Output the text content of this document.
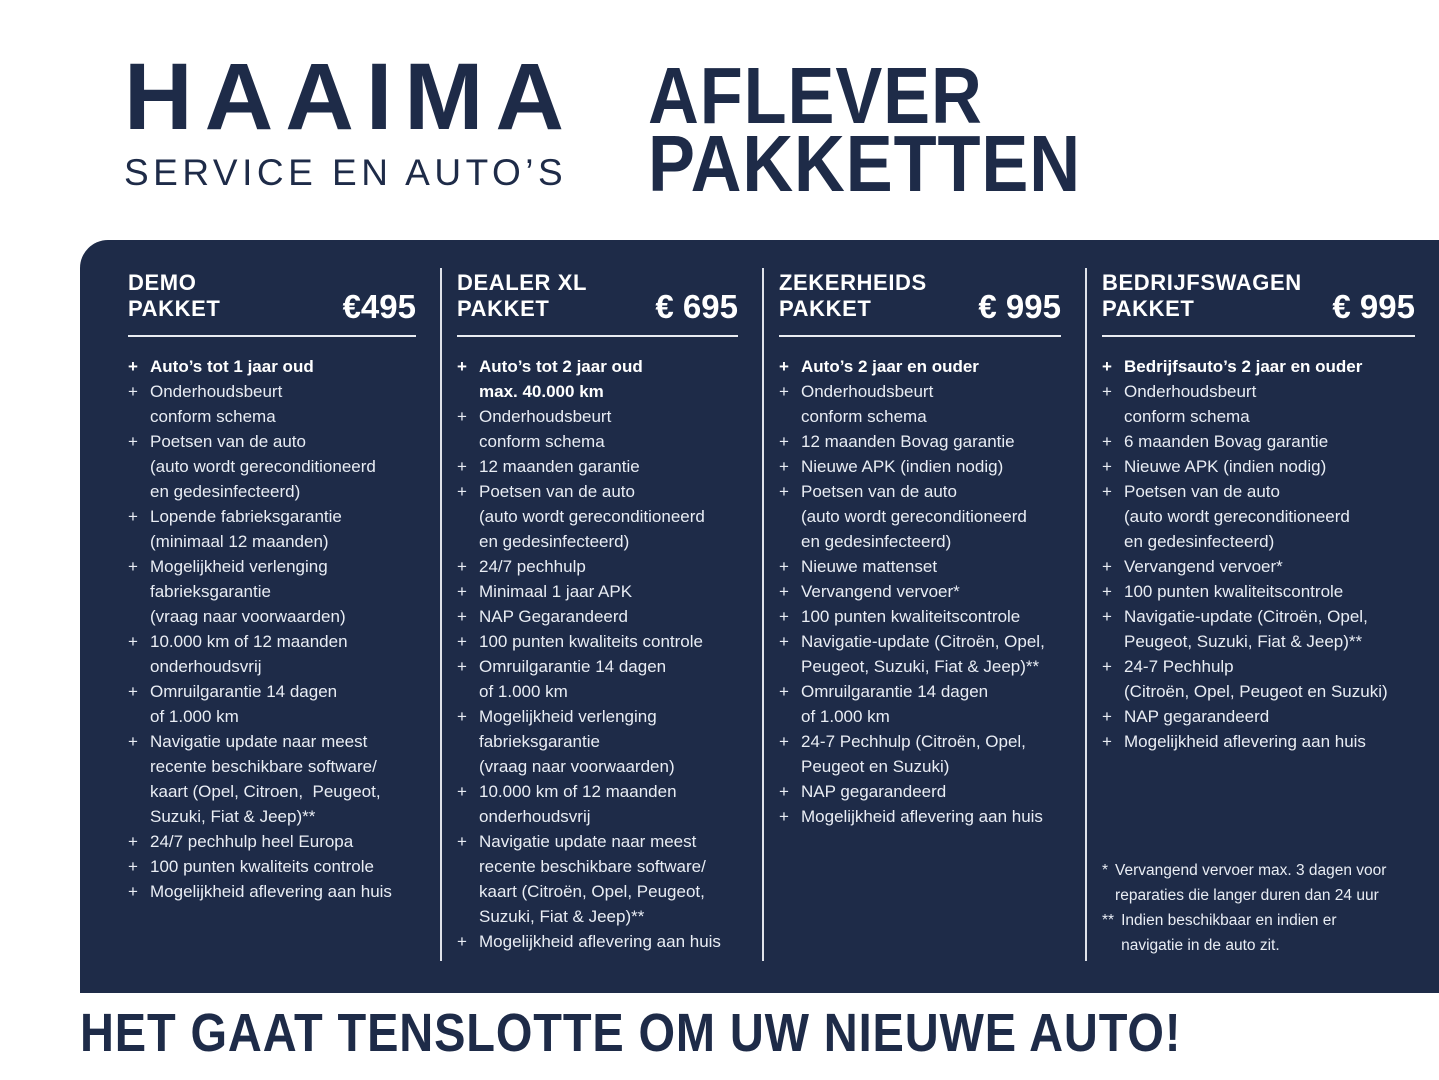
HAAIMA
SERVICE EN AUTO’S
AFLEVER
PAKKETTEN
DEMO
PAKKET	€495
+ Auto’s tot 1 jaar oud
+ Onderhoudsbeurt
conform schema
+ Poetsen van de auto
(auto wordt gereconditioneerd
en gedesinfecteerd)
+ Lopende fabrieksgarantie
(minimaal 12 maanden)
+ Mogelijkheid verlenging
fabrieksgarantie
(vraag naar voorwaarden)
+ 10.000 km of 12 maanden
onderhoudsvrij
+ Omruilgarantie 14 dagen
of 1.000 km
+ Navigatie update naar meest
recente beschikbare software/
kaart (Opel, Citroen,  Peugeot,
Suzuki, Fiat & Jeep)**
+ 24/7 pechhulp heel Europa
+ 100 punten kwaliteits controle
+ Mogelijkheid aflevering aan huis
DEALER XL
PAKKET	€ 695
+ Auto’s tot 2 jaar oud
max. 40.000 km
+ Onderhoudsbeurt
conform schema
+ 12 maanden garantie
+ Poetsen van de auto
(auto wordt gereconditioneerd
en gedesinfecteerd)
+ 24/7 pechhulp
+ Minimaal 1 jaar APK
+ NAP Gegarandeerd
+ 100 punten kwaliteits controle
+ Omruilgarantie 14 dagen
of 1.000 km
+ Mogelijkheid verlenging
fabrieksgarantie
(vraag naar voorwaarden)
+ 10.000 km of 12 maanden
onderhoudsvrij
+ Navigatie update naar meest
recente beschikbare software/
kaart (Citroën, Opel, Peugeot,
Suzuki, Fiat & Jeep)**
+ Mogelijkheid aflevering aan huis
ZEKERHEIDS
PAKKET	€ 995
+ Auto’s 2 jaar en ouder
+ Onderhoudsbeurt
conform schema
+ 12 maanden Bovag garantie
+ Nieuwe APK (indien nodig)
+ Poetsen van de auto
(auto wordt gereconditioneerd
en gedesinfecteerd)
+ Nieuwe mattenset
+ Vervangend vervoer*
+ 100 punten kwaliteitscontrole
+ Navigatie-update (Citroën, Opel,
Peugeot, Suzuki, Fiat & Jeep)**
+ Omruilgarantie 14 dagen
of 1.000 km
+ 24-7 Pechhulp (Citroën, Opel,
Peugeot en Suzuki)
+ NAP gegarandeerd
+ Mogelijkheid aflevering aan huis
BEDRIJFSWAGEN
PAKKET	€ 995
+ Bedrijfsauto’s 2 jaar en ouder
+ Onderhoudsbeurt
conform schema
+ 6 maanden Bovag garantie
+ Nieuwe APK (indien nodig)
+ Poetsen van de auto
(auto wordt gereconditioneerd
en gedesinfecteerd)
+ Vervangend vervoer*
+ 100 punten kwaliteitscontrole
+ Navigatie-update (Citroën, Opel,
Peugeot, Suzuki, Fiat & Jeep)**
+ 24-7 Pechhulp
(Citroën, Opel, Peugeot en Suzuki)
+ NAP gegarandeerd
+ Mogelijkheid aflevering aan huis
* Vervangend vervoer max. 3 dagen voor
reparaties die langer duren dan 24 uur
** Indien beschikbaar en indien er
navigatie in de auto zit.
HET GAAT TENSLOTTE OM UW NIEUWE AUTO!
